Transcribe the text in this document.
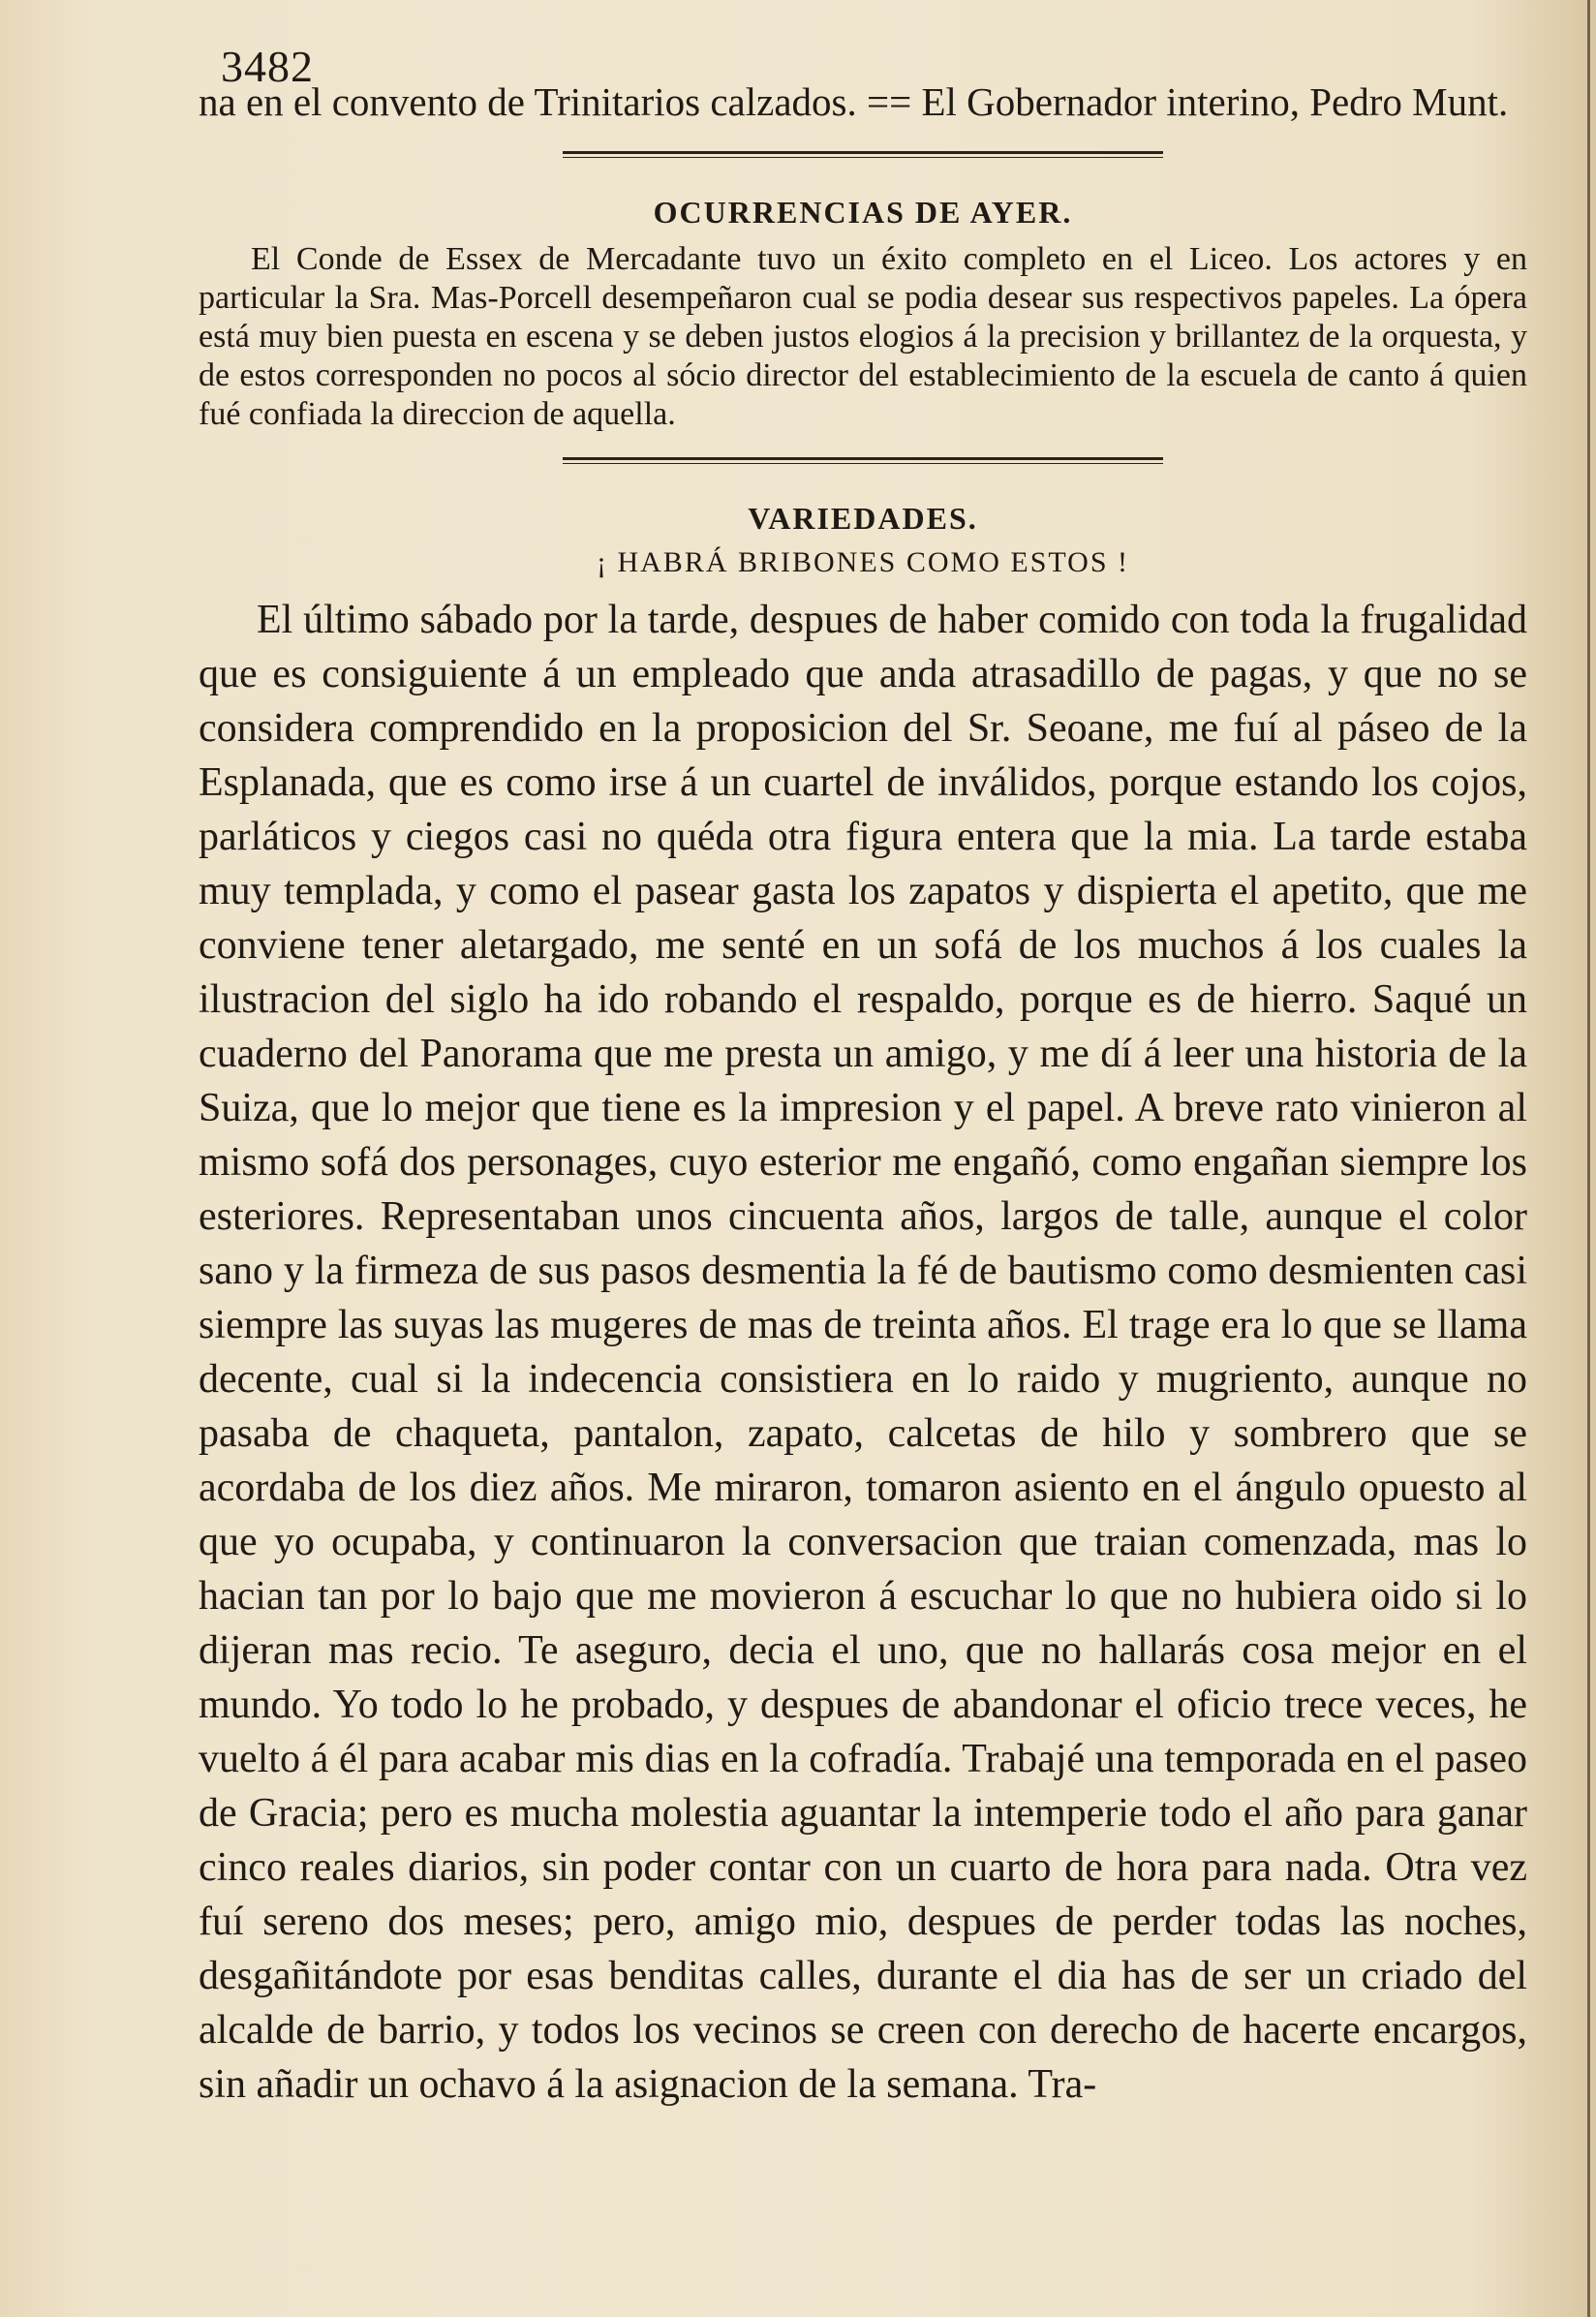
3482

na en el convento de Trinitarios calzados. == El Gobernador interino, Pedro Munt.

OCURRENCIAS DE AYER.

El Conde de Essex de Mercadante tuvo un éxito completo en el Liceo. Los actores y en particular la Sra. Mas-Porcell desempeñaron cual se podia desear sus respectivos papeles. La ópera está muy bien puesta en escena y se deben justos elogios á la precision y brillantez de la orquesta, y de estos corresponden no pocos al sócio director del establecimiento de la escuela de canto á quien fué confiada la direccion de aquella.

VARIEDADES.
¡ HABRÁ BRIBONES COMO ESTOS !

El último sábado por la tarde, despues de haber comido con toda la frugalidad que es consiguiente á un empleado que anda atrasadillo de pagas, y que no se considera comprendido en la proposicion del Sr. Seoane, me fuí al páseo de la Esplanada, que es como irse á un cuartel de inválidos, porque estando los cojos, parláticos y ciegos casi no quéda otra figura entera que la mia. La tarde estaba muy templada, y como el pasear gasta los zapatos y dispierta el apetito, que me conviene tener aletargado, me senté en un sofá de los muchos á los cuales la ilustracion del siglo ha ido robando el respaldo, porque es de hierro. Saqué un cuaderno del Panorama que me presta un amigo, y me dí á leer una historia de la Suiza, que lo mejor que tiene es la impresion y el papel. A breve rato vinieron al mismo sofá dos personages, cuyo esterior me engañó, como engañan siempre los esteriores. Representaban unos cincuenta años, largos de talle, aunque el color sano y la firmeza de sus pasos desmentia la fé de bautismo como desmienten casi siempre las suyas las mugeres de mas de treinta años. El trage era lo que se llama decente, cual si la indecencia consistiera en lo raido y mugriento, aunque no pasaba de chaqueta, pantalon, zapato, calcetas de hilo y sombrero que se acordaba de los diez años. Me miraron, tomaron asiento en el ángulo opuesto al que yo ocupaba, y continuaron la conversacion que traian comenzada, mas lo hacian tan por lo bajo que me movieron á escuchar lo que no hubiera oido si lo dijeran mas recio. Te aseguro, decia el uno, que no hallarás cosa mejor en el mundo. Yo todo lo he probado, y despues de abandonar el oficio trece veces, he vuelto á él para acabar mis dias en la cofradía. Trabajé una temporada en el paseo de Gracia; pero es mucha molestia aguantar la intemperie todo el año para ganar cinco reales diarios, sin poder contar con un cuarto de hora para nada. Otra vez fuí sereno dos meses; pero, amigo mio, despues de perder todas las noches, desgañitándote por esas benditas calles, durante el dia has de ser un criado del alcalde de barrio, y todos los vecinos se creen con derecho de hacerte encargos, sin añadir un ochavo á la asignacion de la semana. Tra-
